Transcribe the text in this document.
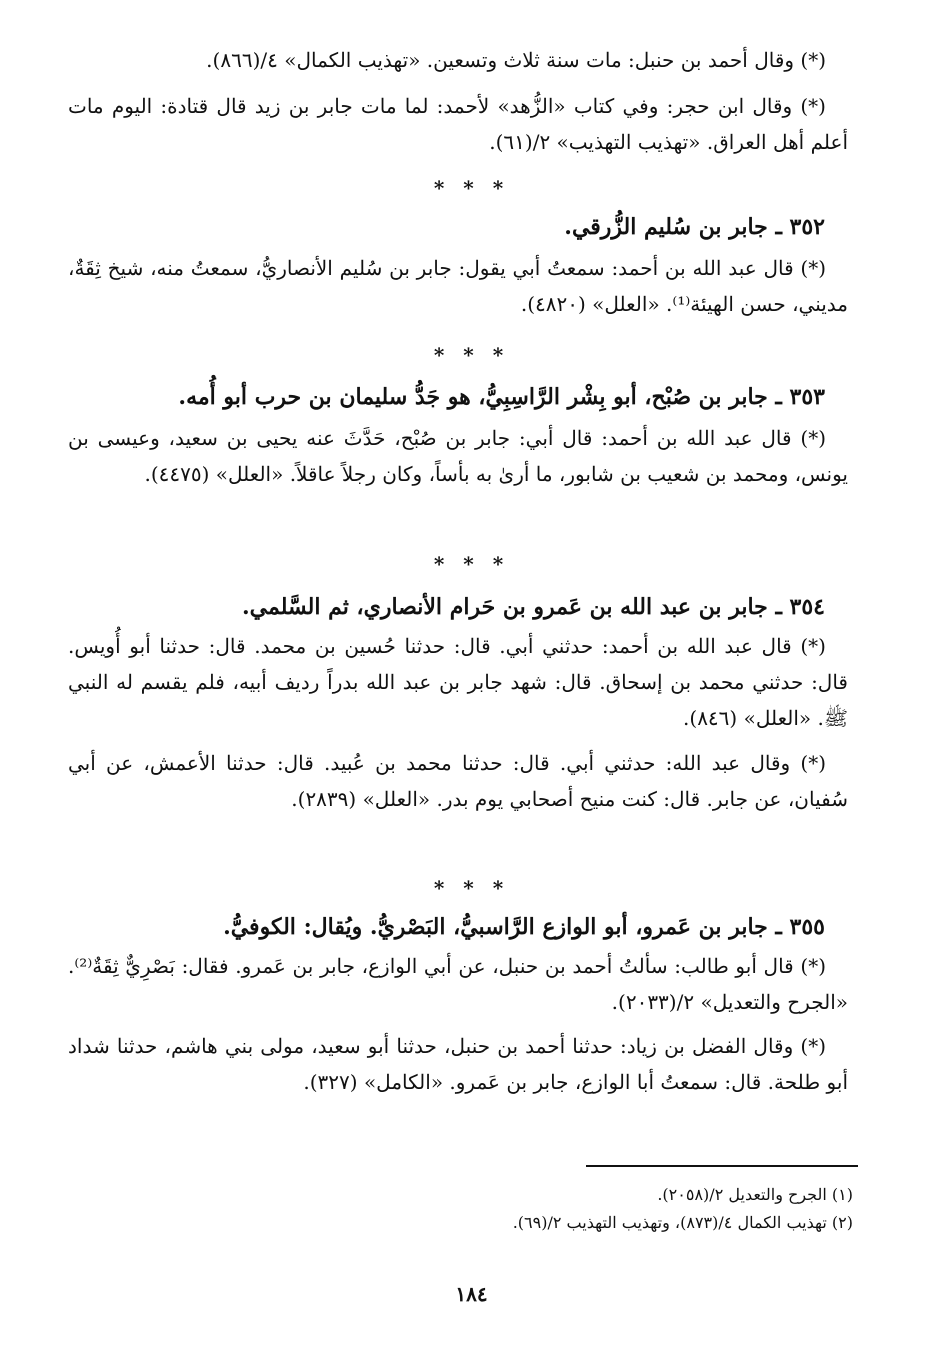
(*) وقال أحمد بن حنبل: مات سنة ثلاث وتسعين. «تهذيب الكمال» ٤/(٨٦٦).

(*) وقال ابن حجر: وفي كتاب «الزُّهد» لأحمد: لما مات جابر بن زيد قال قتادة: اليوم مات أعلم أهل العراق. «تهذيب التهذيب» ٢/(٦١).

* * *

٣٥٢ ـ جابر بن سُليم الزُّرقي.

(*) قال عبد الله بن أحمد: سمعتُ أبي يقول: جابر بن سُليم الأنصاريُّ، سمعتُ منه، شيخ ثِقَةٌ، مديني، حسن الهيئة⁽¹⁾. «العلل» (٤٨٢٠).

* * *

٣٥٣ ـ جابر بن صُبْح، أبو بِشْر الرَّاسِبِيُّ، هو جَدُّ سليمان بن حرب أبو أُمه.

(*) قال عبد الله بن أحمد: قال أبي: جابر بن صُبْح، حَدَّثَ عنه يحيى بن سعيد، وعيسى بن يونس، ومحمد بن شعيب بن شابور، ما أرىٰ به بأساً، وكان رجلاً عاقلاً. «العلل» (٤٤٧٥).

* * *

٣٥٤ ـ جابر بن عبد الله بن عَمرو بن حَرام الأنصاري، ثم السَّلمي.

(*) قال عبد الله بن أحمد: حدثني أبي. قال: حدثنا حُسين بن محمد. قال: حدثنا أبو أُويس. قال: حدثني محمد بن إسحاق. قال: شهد جابر بن عبد الله بدراً رديف أبيه، فلم يقسم له النبي ﷺ. «العلل» (٨٤٦).

(*) وقال عبد الله: حدثني أبي. قال: حدثنا محمد بن عُبيد. قال: حدثنا الأعمش، عن أبي سُفيان، عن جابر. قال: كنت منيح أصحابي يوم بدر. «العلل» (٢٨٣٩).

* * *

٣٥٥ ـ جابر بن عَمرو، أبو الوازع الرَّاسبيُّ، البَصْريُّ. ويُقال: الكوفيُّ.

(*) قال أبو طالب: سألتُ أحمد بن حنبل، عن أبي الوازع، جابر بن عَمرو. فقال: بَصْرِيٌّ ثِقَةٌ⁽²⁾. «الجرح والتعديل» ٢/(٢٠٣٣).

(*) وقال الفضل بن زياد: حدثنا أحمد بن حنبل، حدثنا أبو سعيد، مولى بني هاشم، حدثنا شداد أبو طلحة. قال: سمعتُ أبا الوازع، جابر بن عَمرو. «الكامل» (٣٢٧).

(١) الجرح والتعديل ٢/(٢٠٥٨).
(٢) تهذيب الكمال ٤/(٨٧٣)، وتهذيب التهذيب ٢/(٦٩).
١٨٤
